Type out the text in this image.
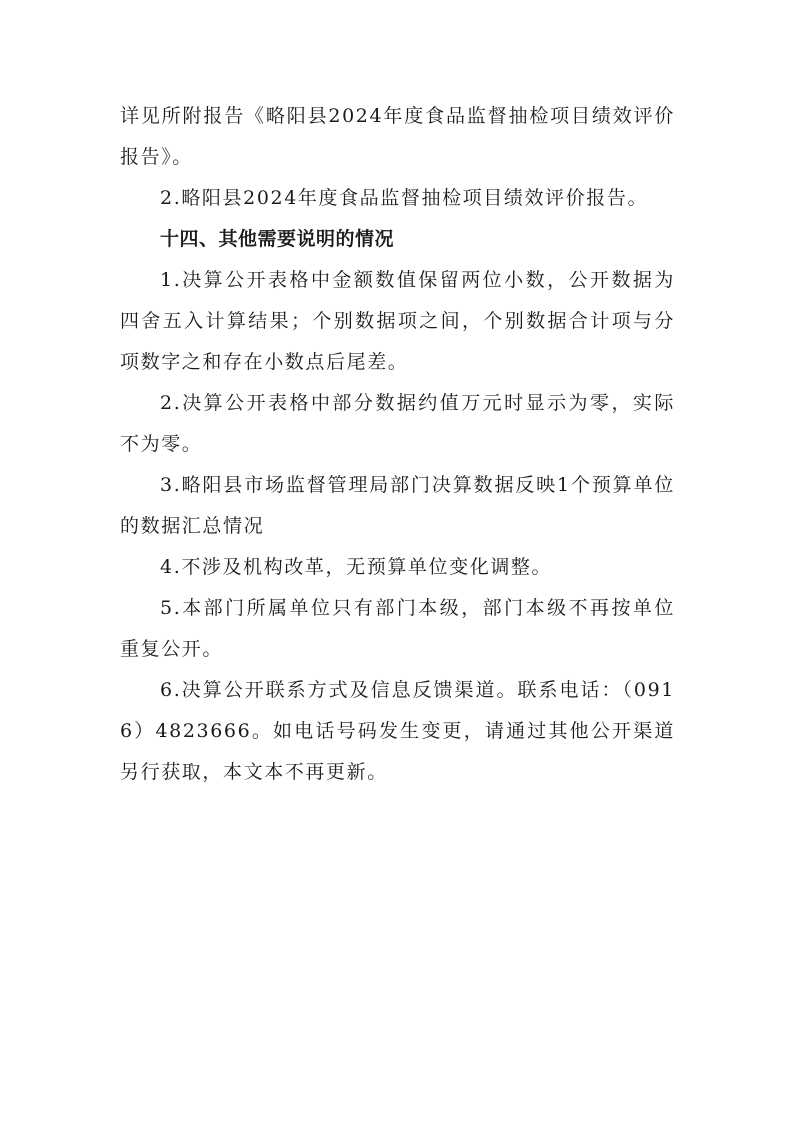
详见所附报告《略阳县2024年度食品监督抽检项目绩效评价报告》。

2.略阳县2024年度食品监督抽检项目绩效评价报告。

十四、其他需要说明的情况

1.决算公开表格中金额数值保留两位小数，公开数据为四舍五入计算结果；个别数据项之间，个别数据合计项与分项数字之和存在小数点后尾差。

2.决算公开表格中部分数据约值万元时显示为零，实际不为零。

3.略阳县市场监督管理局部门决算数据反映1个预算单位的数据汇总情况

4.不涉及机构改革，无预算单位变化调整。

5.本部门所属单位只有部门本级，部门本级不再按单位重复公开。

6.决算公开联系方式及信息反馈渠道。联系电话：（0916）4823666。如电话号码发生变更，请通过其他公开渠道另行获取，本文本不再更新。
